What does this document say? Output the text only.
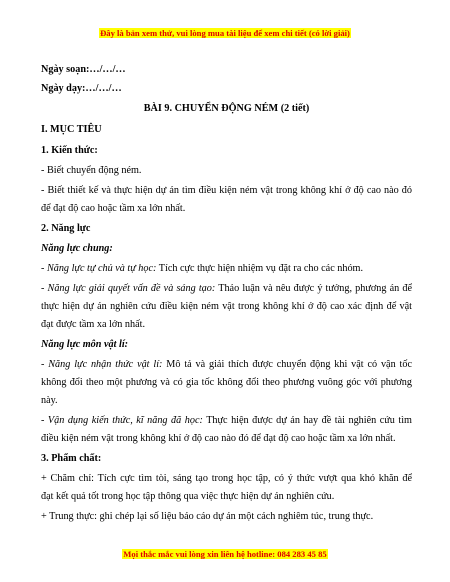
Đây là bản xem thử, vui lòng mua tài liệu để xem chi tiết (có lời giải)
Ngày soạn:…/…/…
Ngày dạy:…/…/…
BÀI 9. CHUYỂN ĐỘNG NÉM (2 tiết)
I. MỤC TIÊU
1. Kiến thức:
- Biết chuyển động ném.
- Biết thiết kế và thực hiện dự án tìm điều kiện ném vật trong không khí ở độ cao nào đó
để đạt độ cao hoặc tầm xa lớn nhất.
2. Năng lực
Năng lực chung:
- Năng lực tự chủ và tự học: Tích cực thực hiện nhiệm vụ đặt ra cho các nhóm.
- Năng lực giải quyết vấn đề và sáng tạo: Thảo luận và nêu được ý tưởng, phương án để
thực hiện dự án nghiên cứu điều kiện ném vật trong không khí ở độ cao xác định để vật
đạt được tầm xa lớn nhất.
Năng lực môn vật lí:
- Năng lực nhận thức vật lí: Mô tả và giải thích được chuyển động khi vật có vận tốc
không đổi theo một phương và có gia tốc không đổi theo phương vuông góc với phương
này.
- Vận dụng kiến thức, kĩ năng đã học: Thực hiện được dự án hay đề tài nghiên cứu tìm
điều kiện ném vật trong không khí ở độ cao nào đó để đạt độ cao hoặc tầm xa lớn nhất.
3. Phẩm chất:
+ Chăm chỉ: Tích cực tìm tòi, sáng tạo trong học tập, có ý thức vượt qua khó khăn để
đạt kết quả tốt trong học tập thông qua việc thực hiện dự án nghiên cứu.
+ Trung thực: ghi chép lại số liệu báo cáo dự án một cách nghiêm túc, trung thực.
Mọi thắc mắc vui lòng xin liên hệ hotline: 084 283 45 85
